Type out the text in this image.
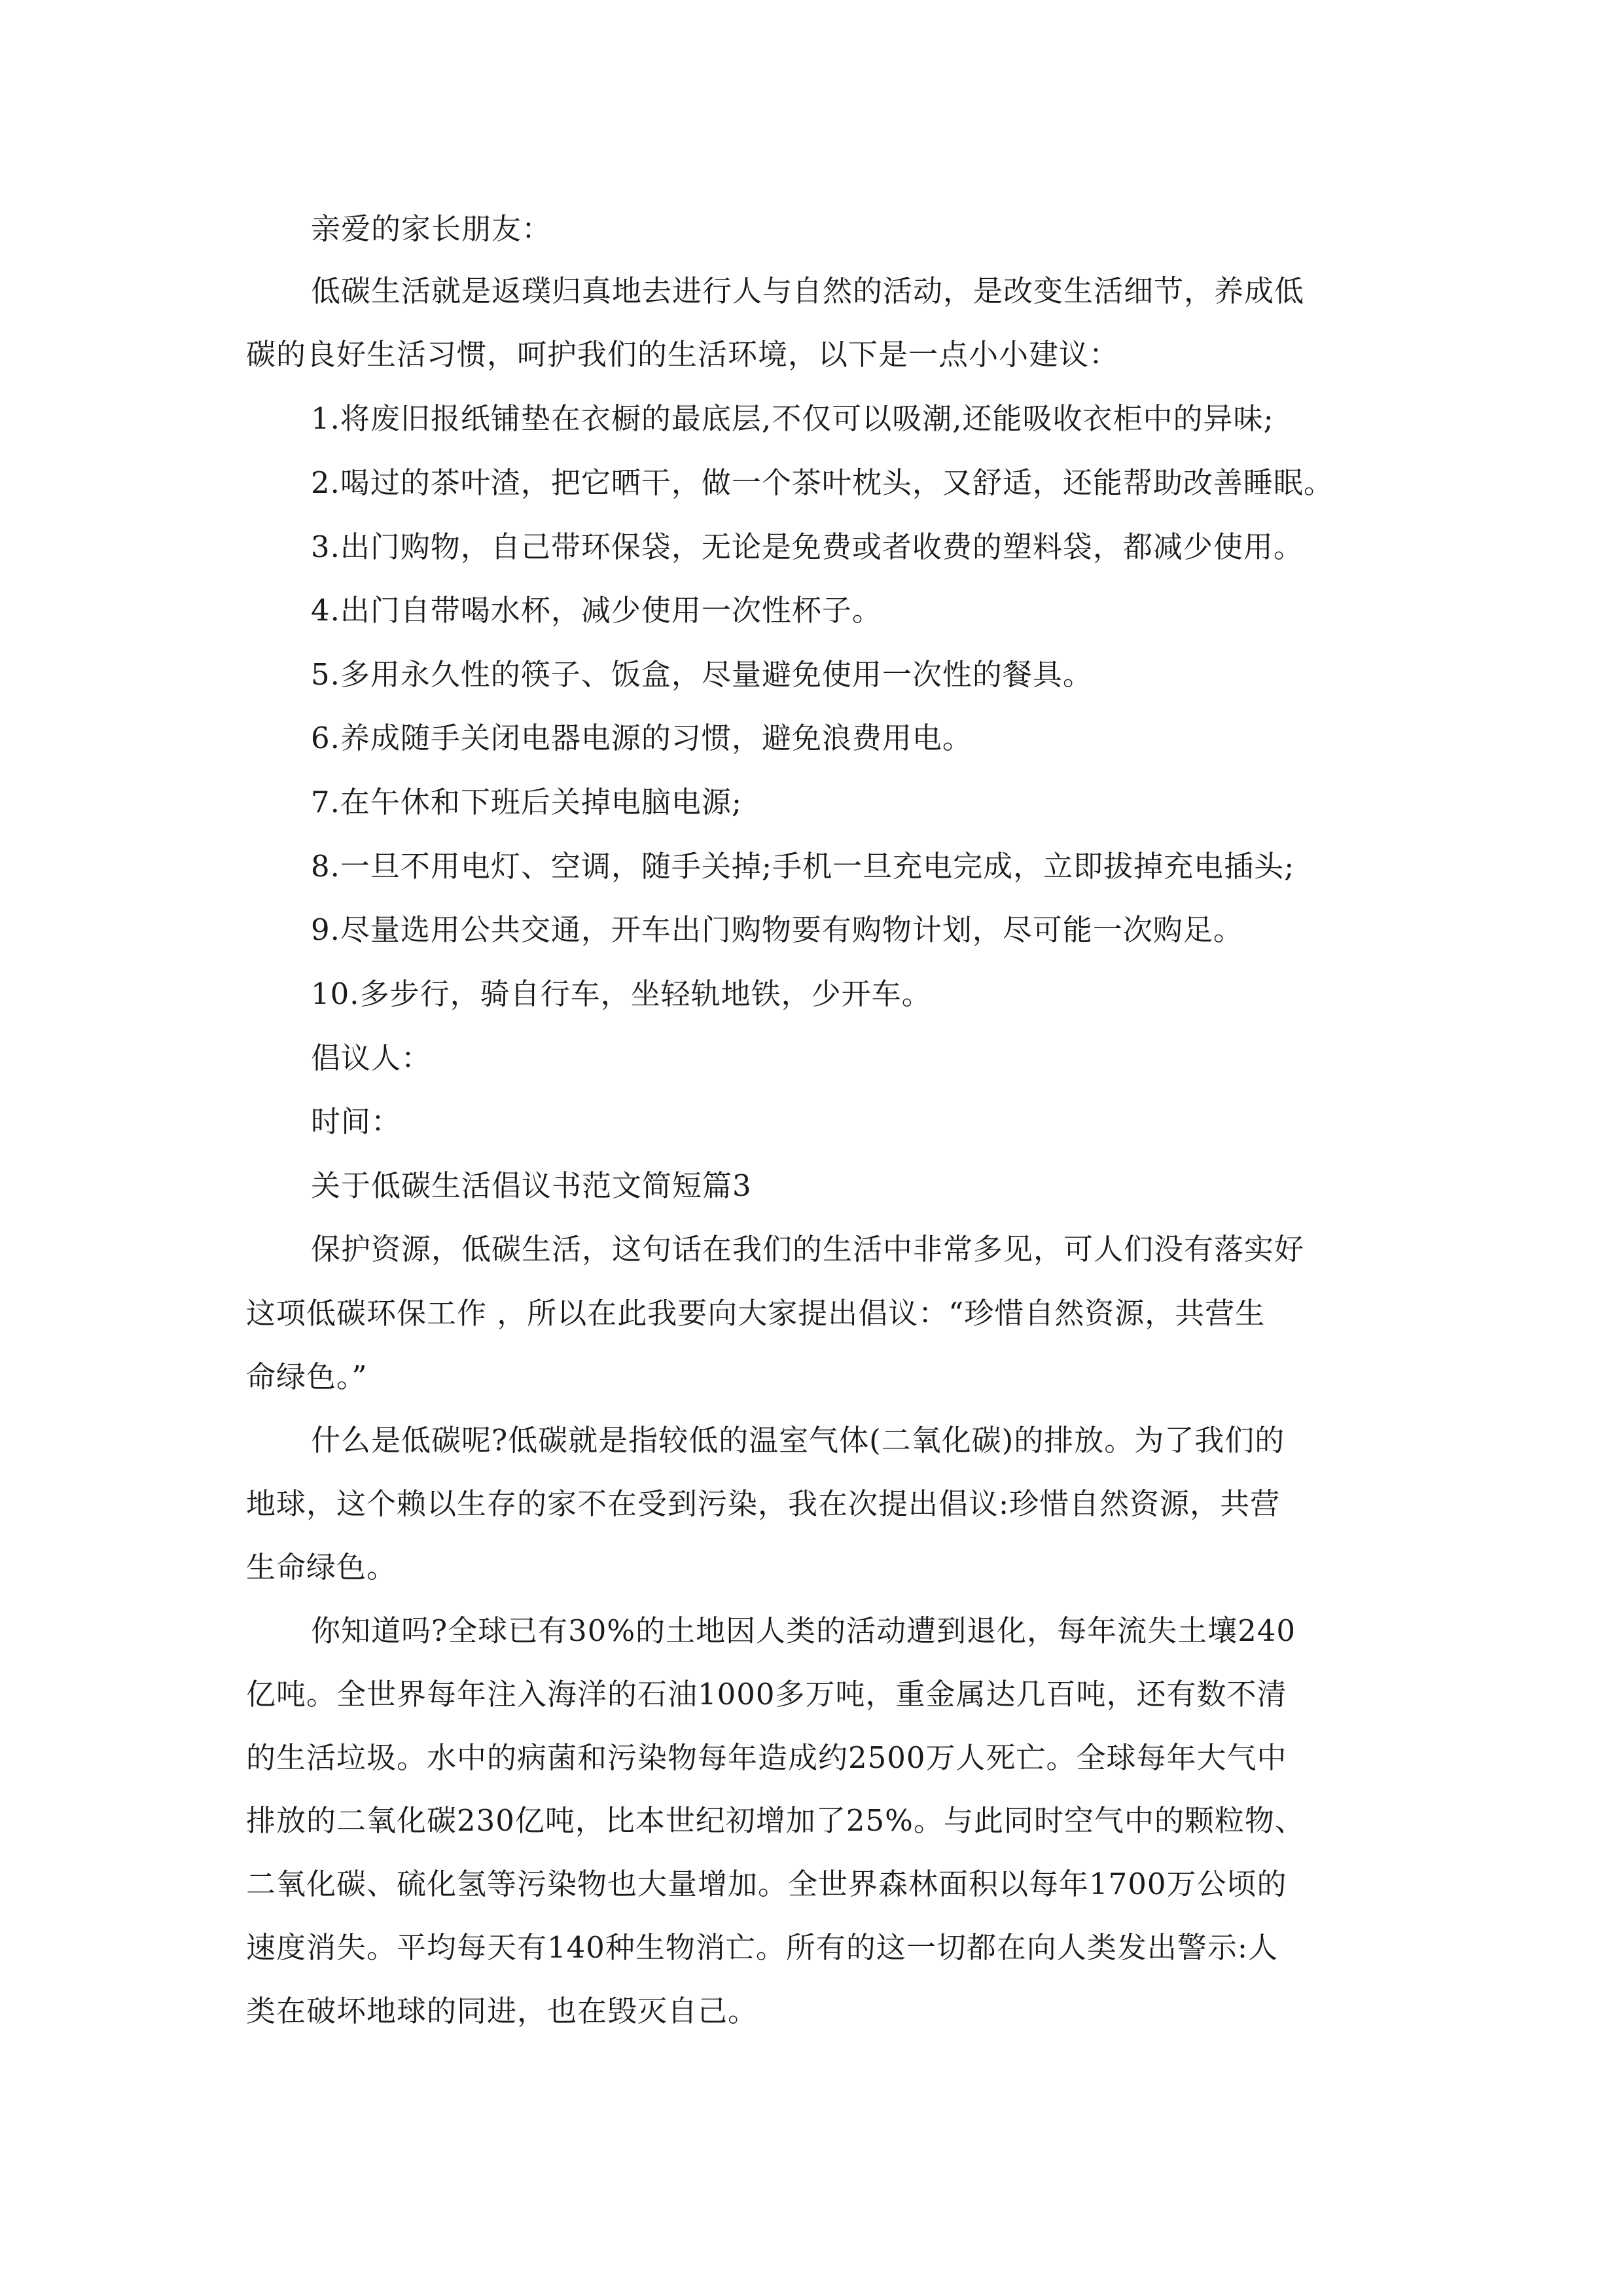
亲爱的家长朋友：
低碳生活就是返璞归真地去进行人与自然的活动，是改变生活细节，养成低
碳的良好生活习惯，呵护我们的生活环境，以下是一点小小建议：
1.将废旧报纸铺垫在衣橱的最底层,不仅可以吸潮,还能吸收衣柜中的异味;
2.喝过的茶叶渣，把它晒干，做一个茶叶枕头，又舒适，还能帮助改善睡眠。
3.出门购物，自己带环保袋，无论是免费或者收费的塑料袋，都减少使用。
4.出门自带喝水杯，减少使用一次性杯子。
5.多用永久性的筷子、饭盒，尽量避免使用一次性的餐具。
6.养成随手关闭电器电源的习惯，避免浪费用电。
7.在午休和下班后关掉电脑电源;
8.一旦不用电灯、空调，随手关掉;手机一旦充电完成，立即拔掉充电插头;
9.尽量选用公共交通，开车出门购物要有购物计划，尽可能一次购足。
10.多步行，骑自行车，坐轻轨地铁，少开车。
倡议人：
时间：
关于低碳生活倡议书范文简短篇3
保护资源，低碳生活，这句话在我们的生活中非常多见，可人们没有落实好
这项低碳环保工作 ，所以在此我要向大家提出倡议：“珍惜自然资源，共营生
命绿色。”
什么是低碳呢?低碳就是指较低的温室气体(二氧化碳)的排放。为了我们的
地球，这个赖以生存的家不在受到污染，我在次提出倡议:珍惜自然资源，共营
生命绿色。
你知道吗?全球已有30%的土地因人类的活动遭到退化，每年流失土壤240
亿吨。全世界每年注入海洋的石油1000多万吨，重金属达几百吨，还有数不清
的生活垃圾。水中的病菌和污染物每年造成约2500万人死亡。全球每年大气中
排放的二氧化碳230亿吨，比本世纪初增加了25%。与此同时空气中的颗粒物、
二氧化碳、硫化氢等污染物也大量增加。全世界森林面积以每年1700万公顷的
速度消失。平均每天有140种生物消亡。所有的这一切都在向人类发出警示:人
类在破坏地球的同进，也在毁灭自己。
